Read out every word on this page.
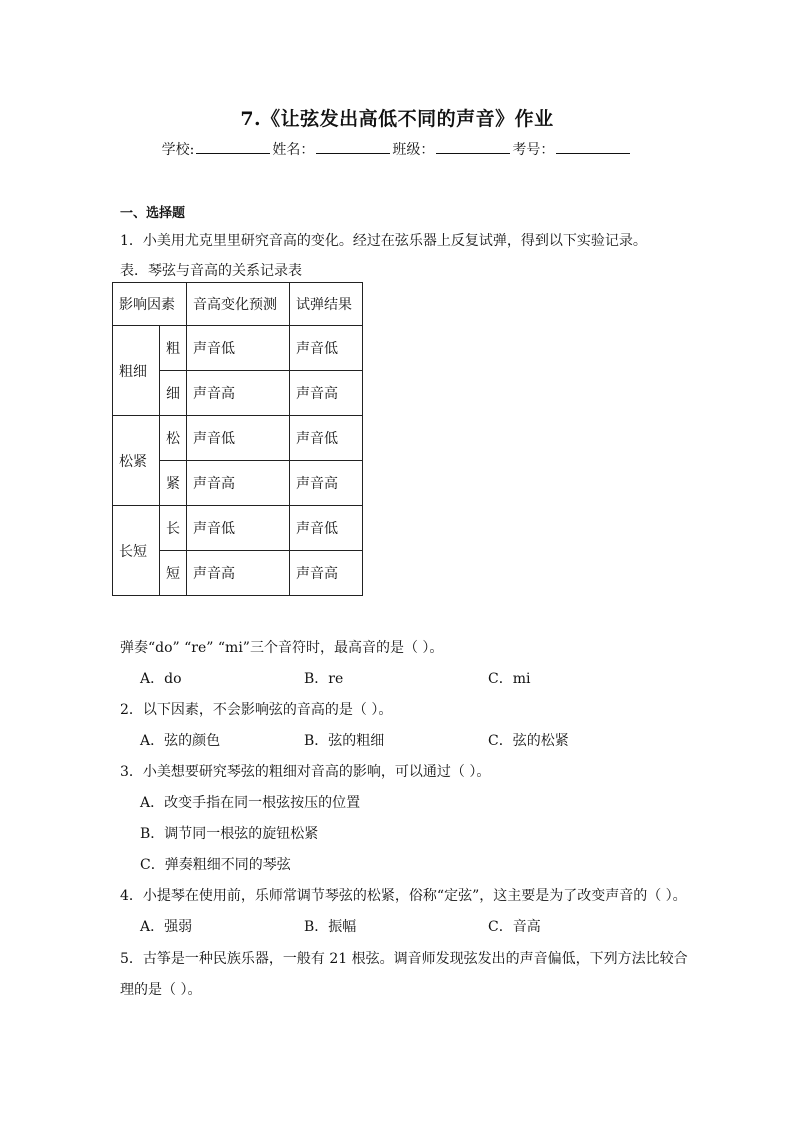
7.《让弦发出高低不同的声音》作业
学校:	姓名：	班级：	考号：
一、选择题
1．小美用尤克里里研究音高的变化。经过在弦乐器上反复试弹，得到以下实验记录。
表．琴弦与音高的关系记录表
影响因素		音高变化预测	试弹结果
粗细	粗	声音低	声音低
	细	声音高	声音高
松紧	松	声音低	声音低
	紧	声音高	声音高
长短	长	声音低	声音低
	短	声音高	声音高
弹奏“do” “re” “mi”三个音符时，最高音的是（ ）。
A．do	B．re	C．mi
2．以下因素，不会影响弦的音高的是（ ）。
A．弦的颜色	B．弦的粗细	C．弦的松紧
3．小美想要研究琴弦的粗细对音高的影响，可以通过（ ）。
A．改变手指在同一根弦按压的位置
B．调节同一根弦的旋钮松紧
C．弹奏粗细不同的琴弦
4．小提琴在使用前，乐师常调节琴弦的松紧，俗称“定弦”，这主要是为了改变声音的（ ）。
A．强弱	B．振幅	C．音高
5．古筝是一种民族乐器，一般有 21 根弦。调音师发现弦发出的声音偏低，下列方法比较合
理的是（ ）。
